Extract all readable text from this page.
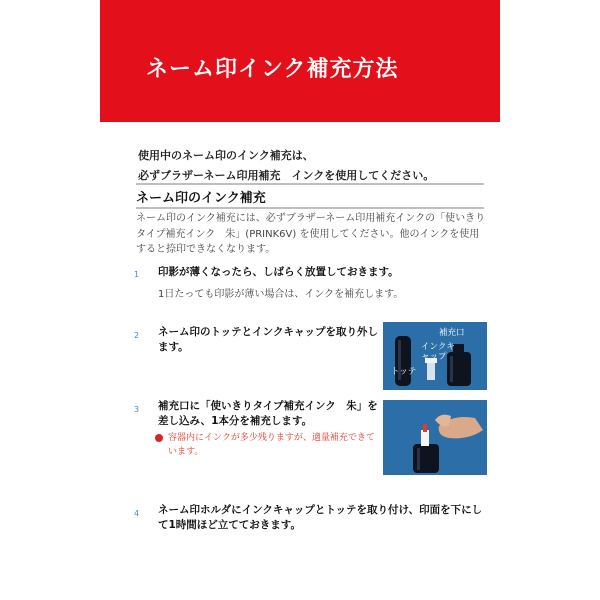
ネーム印インク補充方法

使用中のネーム印のインク補充は、

必ずブラザーネーム印用補充　インクを使用してください。

ネーム印のインク補充

ネーム印のインク補充には、必ずブラザーネーム印用補充インクの「使いきりタイプ補充インク　朱」(PRINK6V) を使用してください。他のインクを使用すると捺印できなくなります。

1 印影が薄くなったら、しばらく放置しておきます。

1日たっても印影が薄い場合は、インクを補充します。

2 ネーム印のトッテとインクキャップを取り外します。

補充口
インクキャップ
トッテ
3 補充口に「使いきりタイプ補充インク　朱」を差し込み、1本分を補充します。

容器内にインクが多少残りますが、適量補充できています。

4 ネーム印ホルダにインクキャップとトッテを取り付け、印面を下にして1時間ほど立てておきます。
